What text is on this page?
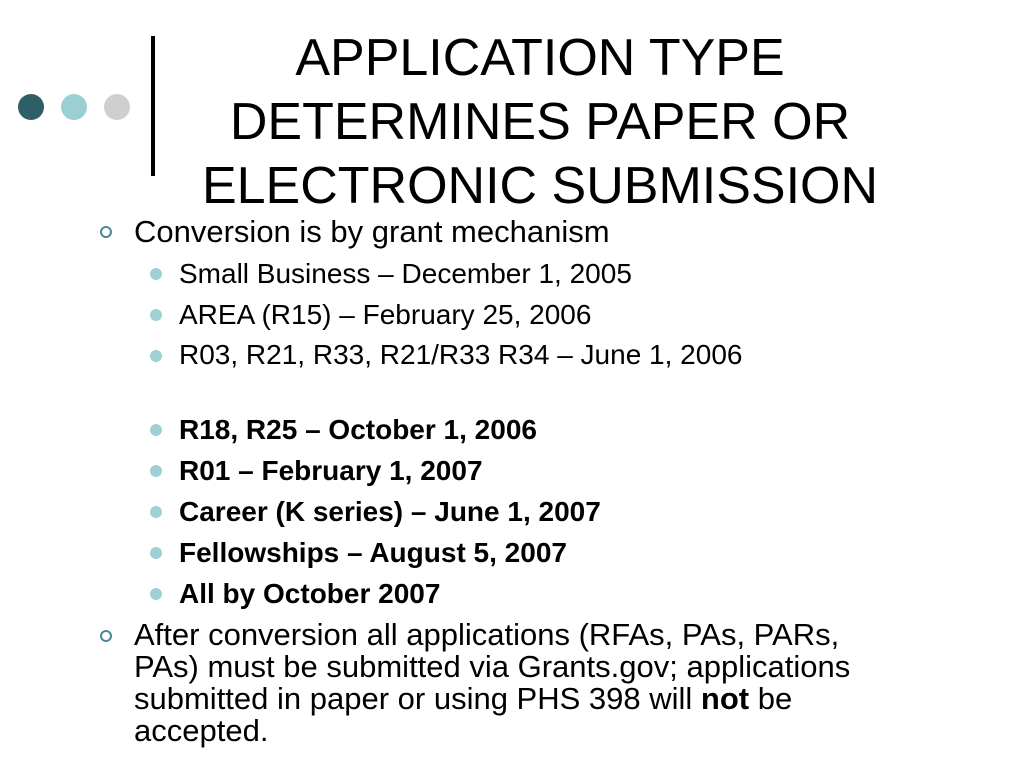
APPLICATION TYPE DETERMINES PAPER OR ELECTRONIC SUBMISSION
Conversion is by grant mechanism
Small Business – December 1, 2005
AREA (R15) – February 25, 2006
R03, R21, R33, R21/R33 R34 – June 1, 2006
R18, R25 – October 1, 2006
R01 – February 1, 2007
Career (K series) – June 1, 2007
Fellowships – August 5, 2007
All by October 2007
After conversion all applications (RFAs, PAs, PARs, PAs) must be submitted via Grants.gov; applications submitted in paper or using PHS 398 will not be accepted.
